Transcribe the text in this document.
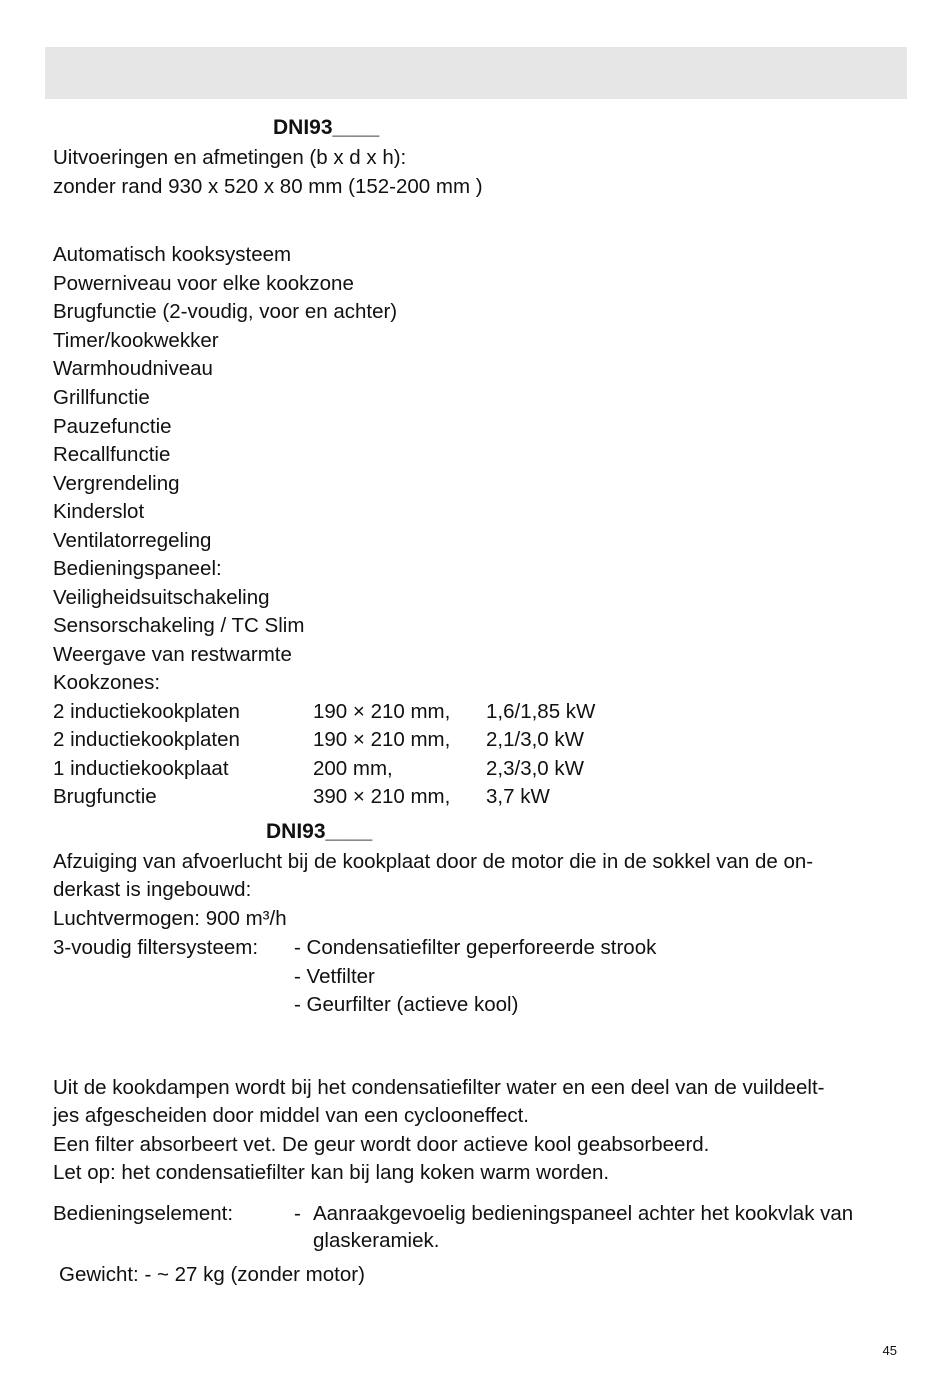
DNI93____
Uitvoeringen en afmetingen (b x d x h):
zonder rand 930 x 520 x 80 mm (152-200 mm )
Automatisch kooksysteem
Powerniveau voor elke kookzone
Brugfunctie (2-voudig, voor en achter)
Timer/kookwekker
Warmhoudniveau
Grillfunctie
Pauzefunctie
Recallfunctie
Vergrendeling
Kinderslot
Ventilatorregeling
Bedieningspaneel:
Veiligheidsuitschakeling
Sensorschakeling / TC Slim
Weergave van restwarmte
Kookzones:
2 inductiekookplaten	190 × 210 mm, 1,6/1,85 kW
2 inductiekookplaten	190 × 210 mm, 2,1/3,0 kW
1 inductiekookplaat	200 mm,	2,3/3,0 kW
Brugfunctie	390 × 210 mm, 3,7 kW
DNI93____
Afzuiging van afvoerlucht bij de kookplaat door de motor die in de sokkel van de on-
derkast is ingebouwd:
Luchtvermogen: 900 m³/h
3-voudig filtersysteem: - Condensatiefilter geperforeerde strook
- Vetfilter
- Geurfilter (actieve kool)
Uit de kookdampen wordt bij het condensatiefilter water en een deel van de vuildeelt-
jes afgescheiden door middel van een cyclooneffect.
Een filter absorbeert vet. De geur wordt door actieve kool geabsorbeerd.
Let op: het condensatiefilter kan bij lang koken warm worden.
Bedieningselement:	- Aanraakgevoelig bedieningspaneel achter het kookvlak van
glaskeramiek.
Gewicht: - ~ 27 kg (zonder motor)
45
